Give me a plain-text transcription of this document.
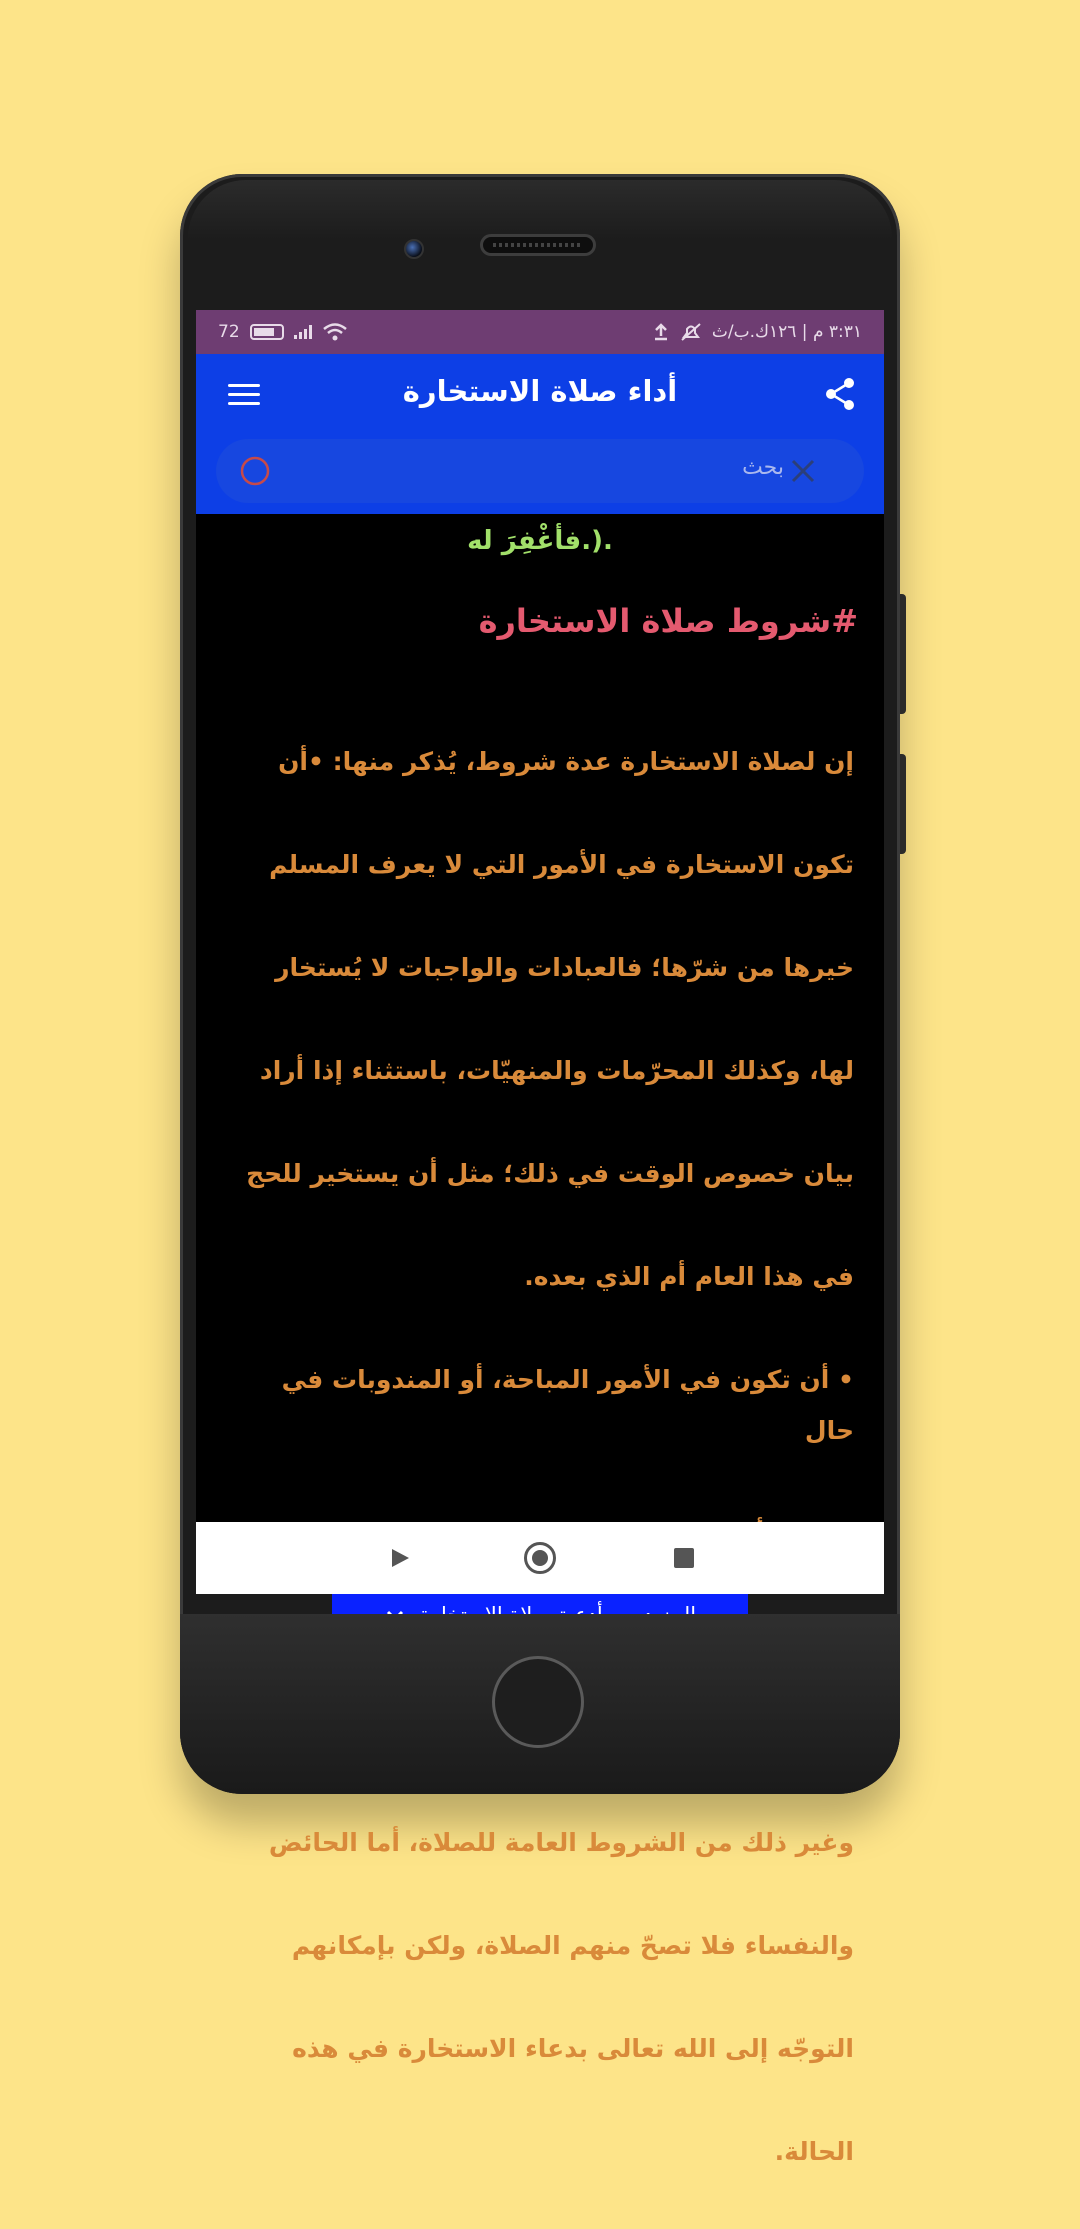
72	٣:٣١ م | ١٢٦ك.ب/ث
أداء صلاة الاستخارة
بحث
فأغْفِرَ له.).
#شروط صلاة الاستخارة

إن لصلاة الاستخارة عدة شروط، يُذكر منها: •أن

تكون الاستخارة في الأمور التي لا يعرف المسلم

خيرها من شرّها؛ فالعبادات والواجبات لا يُستخار

لها، وكذلك المحرّمات والمنهيّات، باستثناء إذا أراد

بيان خصوص الوقت في ذلك؛ مثل أن يستخير للحج

في هذا العام أم الذي بعده.

• أن تكون في الأمور المباحة، أو المندوبات في حال

وغير ذلك من الشروط العامة للصلاة، أما الحائض

والنفساء فلا تصحّ منهم الصلاة، ولكن بإمكانهم

التوجّه إلى الله تعالى بدعاء الاستخارة في هذه

الحالة.
